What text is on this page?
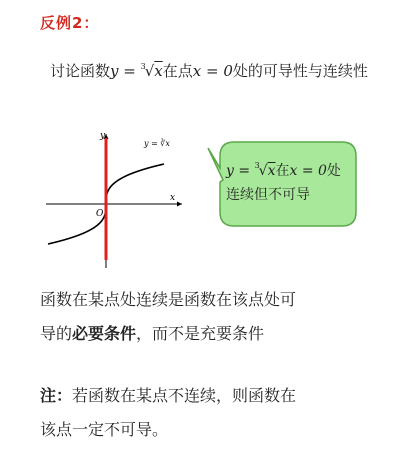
反例2：
讨论函数y = $^3$√x在点x = 0处的可导性与连续性
O
x
y
y = ∛x
y = $^3$√x在x = 0处
连续但不可导
函数在某点处连续是函数在该点处可
导的必要条件，而不是充要条件
注：若函数在某点不连续，则函数在
该点一定不可导。
